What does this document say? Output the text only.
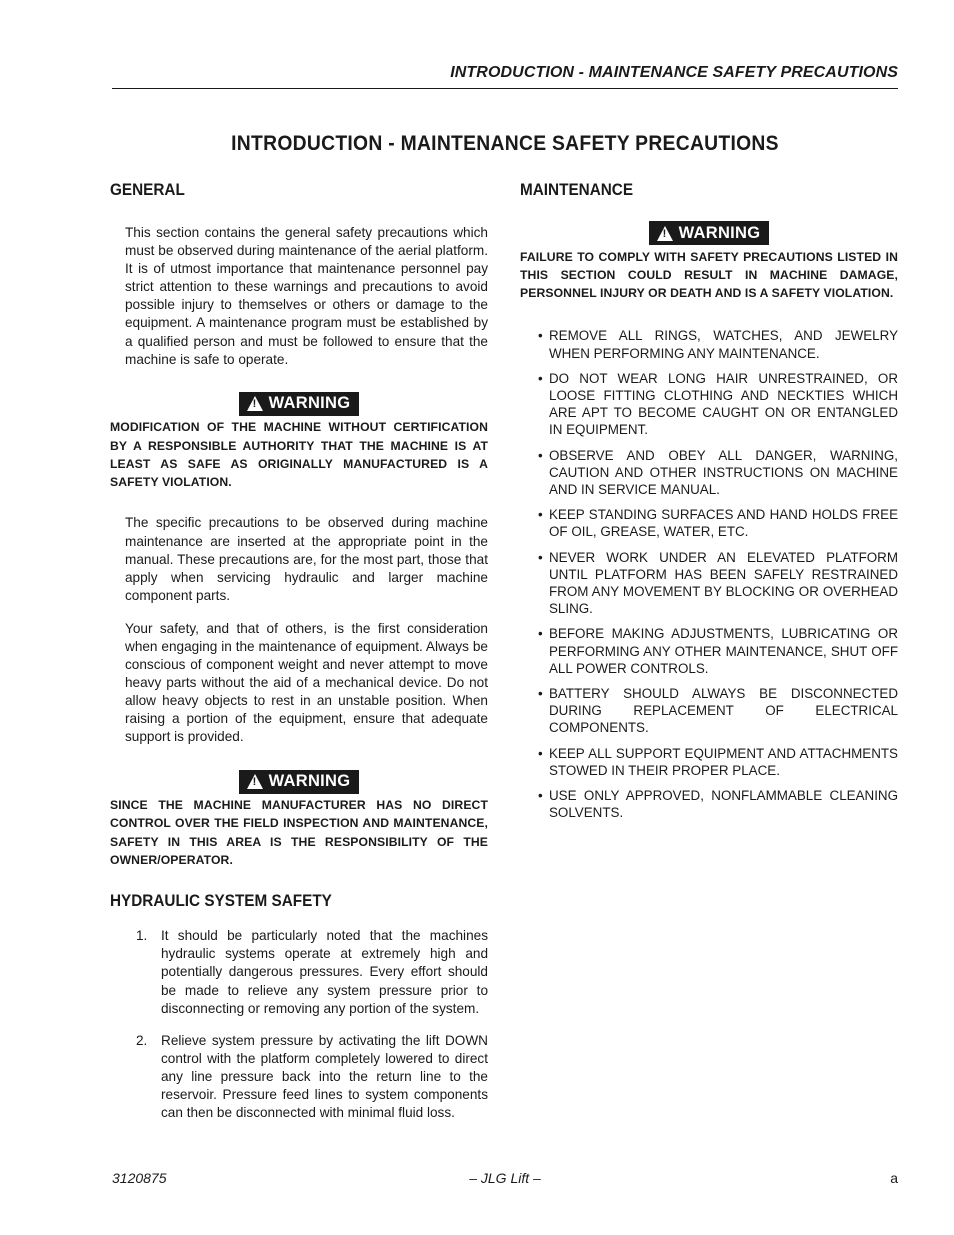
INTRODUCTION - MAINTENANCE SAFETY PRECAUTIONS
INTRODUCTION - MAINTENANCE SAFETY PRECAUTIONS
GENERAL

This section contains the general safety precautions which must be observed during maintenance of the aerial platform. It is of utmost importance that maintenance personnel pay strict attention to these warnings and precautions to avoid possible injury to themselves or others or damage to the equipment. A maintenance program must be established by a qualified person and must be followed to ensure that the machine is safe to operate.

!
WARNING

MODIFICATION OF THE MACHINE WITHOUT CERTIFICATION BY A RESPONSIBLE AUTHORITY THAT THE MACHINE IS AT LEAST AS SAFE AS ORIGINALLY MANUFACTURED IS A SAFETY VIOLATION.

The specific precautions to be observed during machine maintenance are inserted at the appropriate point in the manual. These precautions are, for the most part, those that apply when servicing hydraulic and larger machine component parts.

Your safety, and that of others, is the first consideration when engaging in the maintenance of equipment. Always be conscious of component weight and never attempt to move heavy parts without the aid of a mechanical device. Do not allow heavy objects to rest in an unstable position. When raising a portion of the equipment, ensure that adequate support is provided.

!
WARNING

SINCE THE MACHINE MANUFACTURER HAS NO DIRECT CONTROL OVER THE FIELD INSPECTION AND MAINTENANCE, SAFETY IN THIS AREA IS THE RESPONSIBILITY OF THE OWNER/OPERATOR.

HYDRAULIC SYSTEM SAFETY
1.	It should be particularly noted that the machines hydraulic systems operate at extremely high and potentially dangerous pressures. Every effort should be made to relieve any system pressure prior to disconnecting or removing any portion of the system.
2.	Relieve system pressure by activating the lift DOWN control with the platform completely lowered to direct any line pressure back into the return line to the reservoir. Pressure feed lines to system components can then be disconnected with minimal fluid loss.
MAINTENANCE
!
WARNING

FAILURE TO COMPLY WITH SAFETY PRECAUTIONS LISTED IN THIS SECTION COULD RESULT IN MACHINE DAMAGE, PERSONNEL INJURY OR DEATH AND IS A SAFETY VIOLATION.

• REMOVE ALL RINGS, WATCHES, AND JEWELRY WHEN PERFORMING ANY MAINTENANCE.
• DO NOT WEAR LONG HAIR UNRESTRAINED, OR LOOSE FITTING CLOTHING AND NECKTIES WHICH ARE APT TO BECOME CAUGHT ON OR ENTANGLED IN EQUIPMENT.
• OBSERVE AND OBEY ALL DANGER, WARNING, CAUTION AND OTHER INSTRUCTIONS ON MACHINE AND IN SERVICE MANUAL.
• KEEP STANDING SURFACES AND HAND HOLDS FREE OF OIL, GREASE, WATER, ETC.
• NEVER WORK UNDER AN ELEVATED PLATFORM UNTIL PLATFORM HAS BEEN SAFELY RESTRAINED FROM ANY MOVEMENT BY BLOCKING OR OVERHEAD SLING.
• BEFORE MAKING ADJUSTMENTS, LUBRICATING OR PERFORMING ANY OTHER MAINTENANCE, SHUT OFF ALL POWER CONTROLS.
• BATTERY SHOULD ALWAYS BE DISCONNECTED DURING REPLACEMENT OF ELECTRICAL COMPONENTS.
• KEEP ALL SUPPORT EQUIPMENT AND ATTACHMENTS STOWED IN THEIR PROPER PLACE.
• USE ONLY APPROVED, NONFLAMMABLE CLEANING SOLVENTS.
3120875	– JLG Lift –	a
